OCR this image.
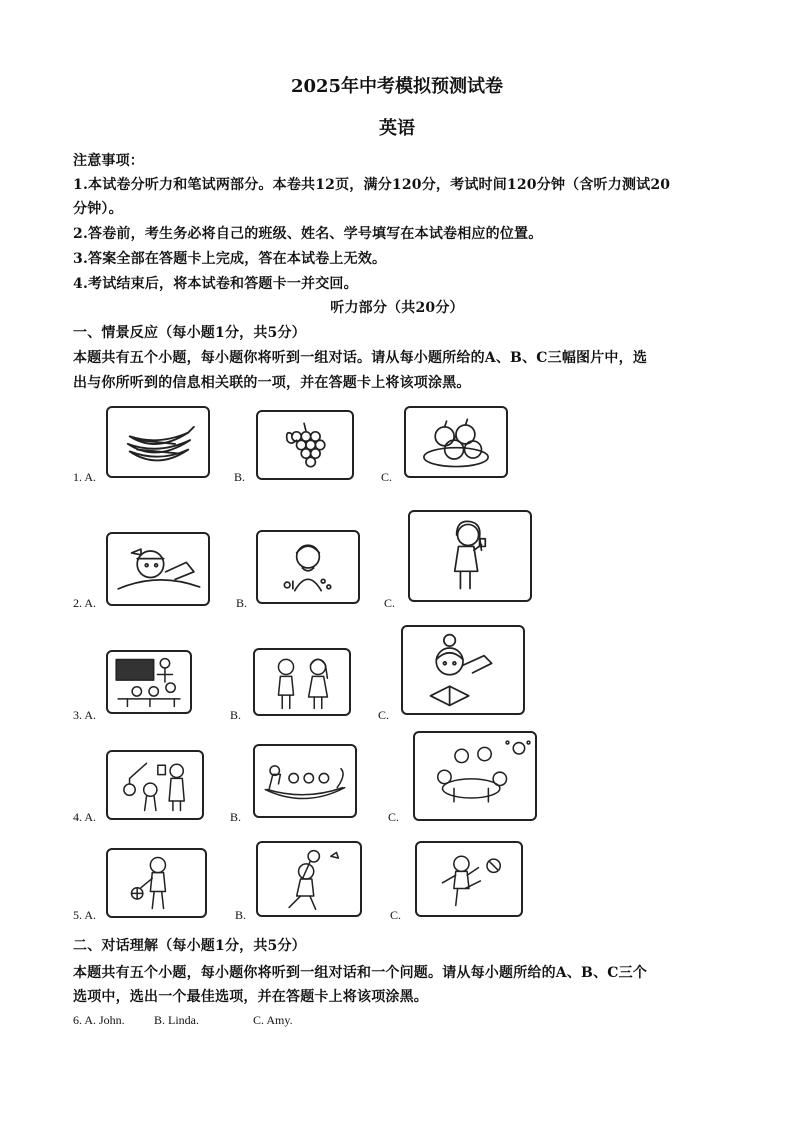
2025年中考模拟预测试卷
英语
注意事项：
1.本试卷分听力和笔试两部分。本卷共12页，满分120分，考试时间120分钟（含听力测试20
分钟）。
2.答卷前，考生务必将自己的班级、姓名、学号填写在本试卷相应的位置。
3.答案全部在答题卡上完成，答在本试卷上无效。
4.考试结束后，将本试卷和答题卡一并交回。
听力部分（共20分）
一、情景反应（每小题1分，共5分）
本题共有五个小题，每小题你将听到一组对话。请从每小题所给的A、B、C三幅图片中，选
出与你所听到的信息相关联的一项，并在答题卡上将该项涂黑。
1. A.	B.	C.
2. A.	B.	C.
3. A.	B.	C.
4. A.	B.	C.
5. A.	B.	C.
二、对话理解（每小题1分，共5分）
本题共有五个小题，每小题你将听到一组对话和一个问题。请从每小题所给的A、B、C三个
选项中，选出一个最佳选项，并在答题卡上将该项涂黑。
6. A. John. B. Linda.	C. Amy.
